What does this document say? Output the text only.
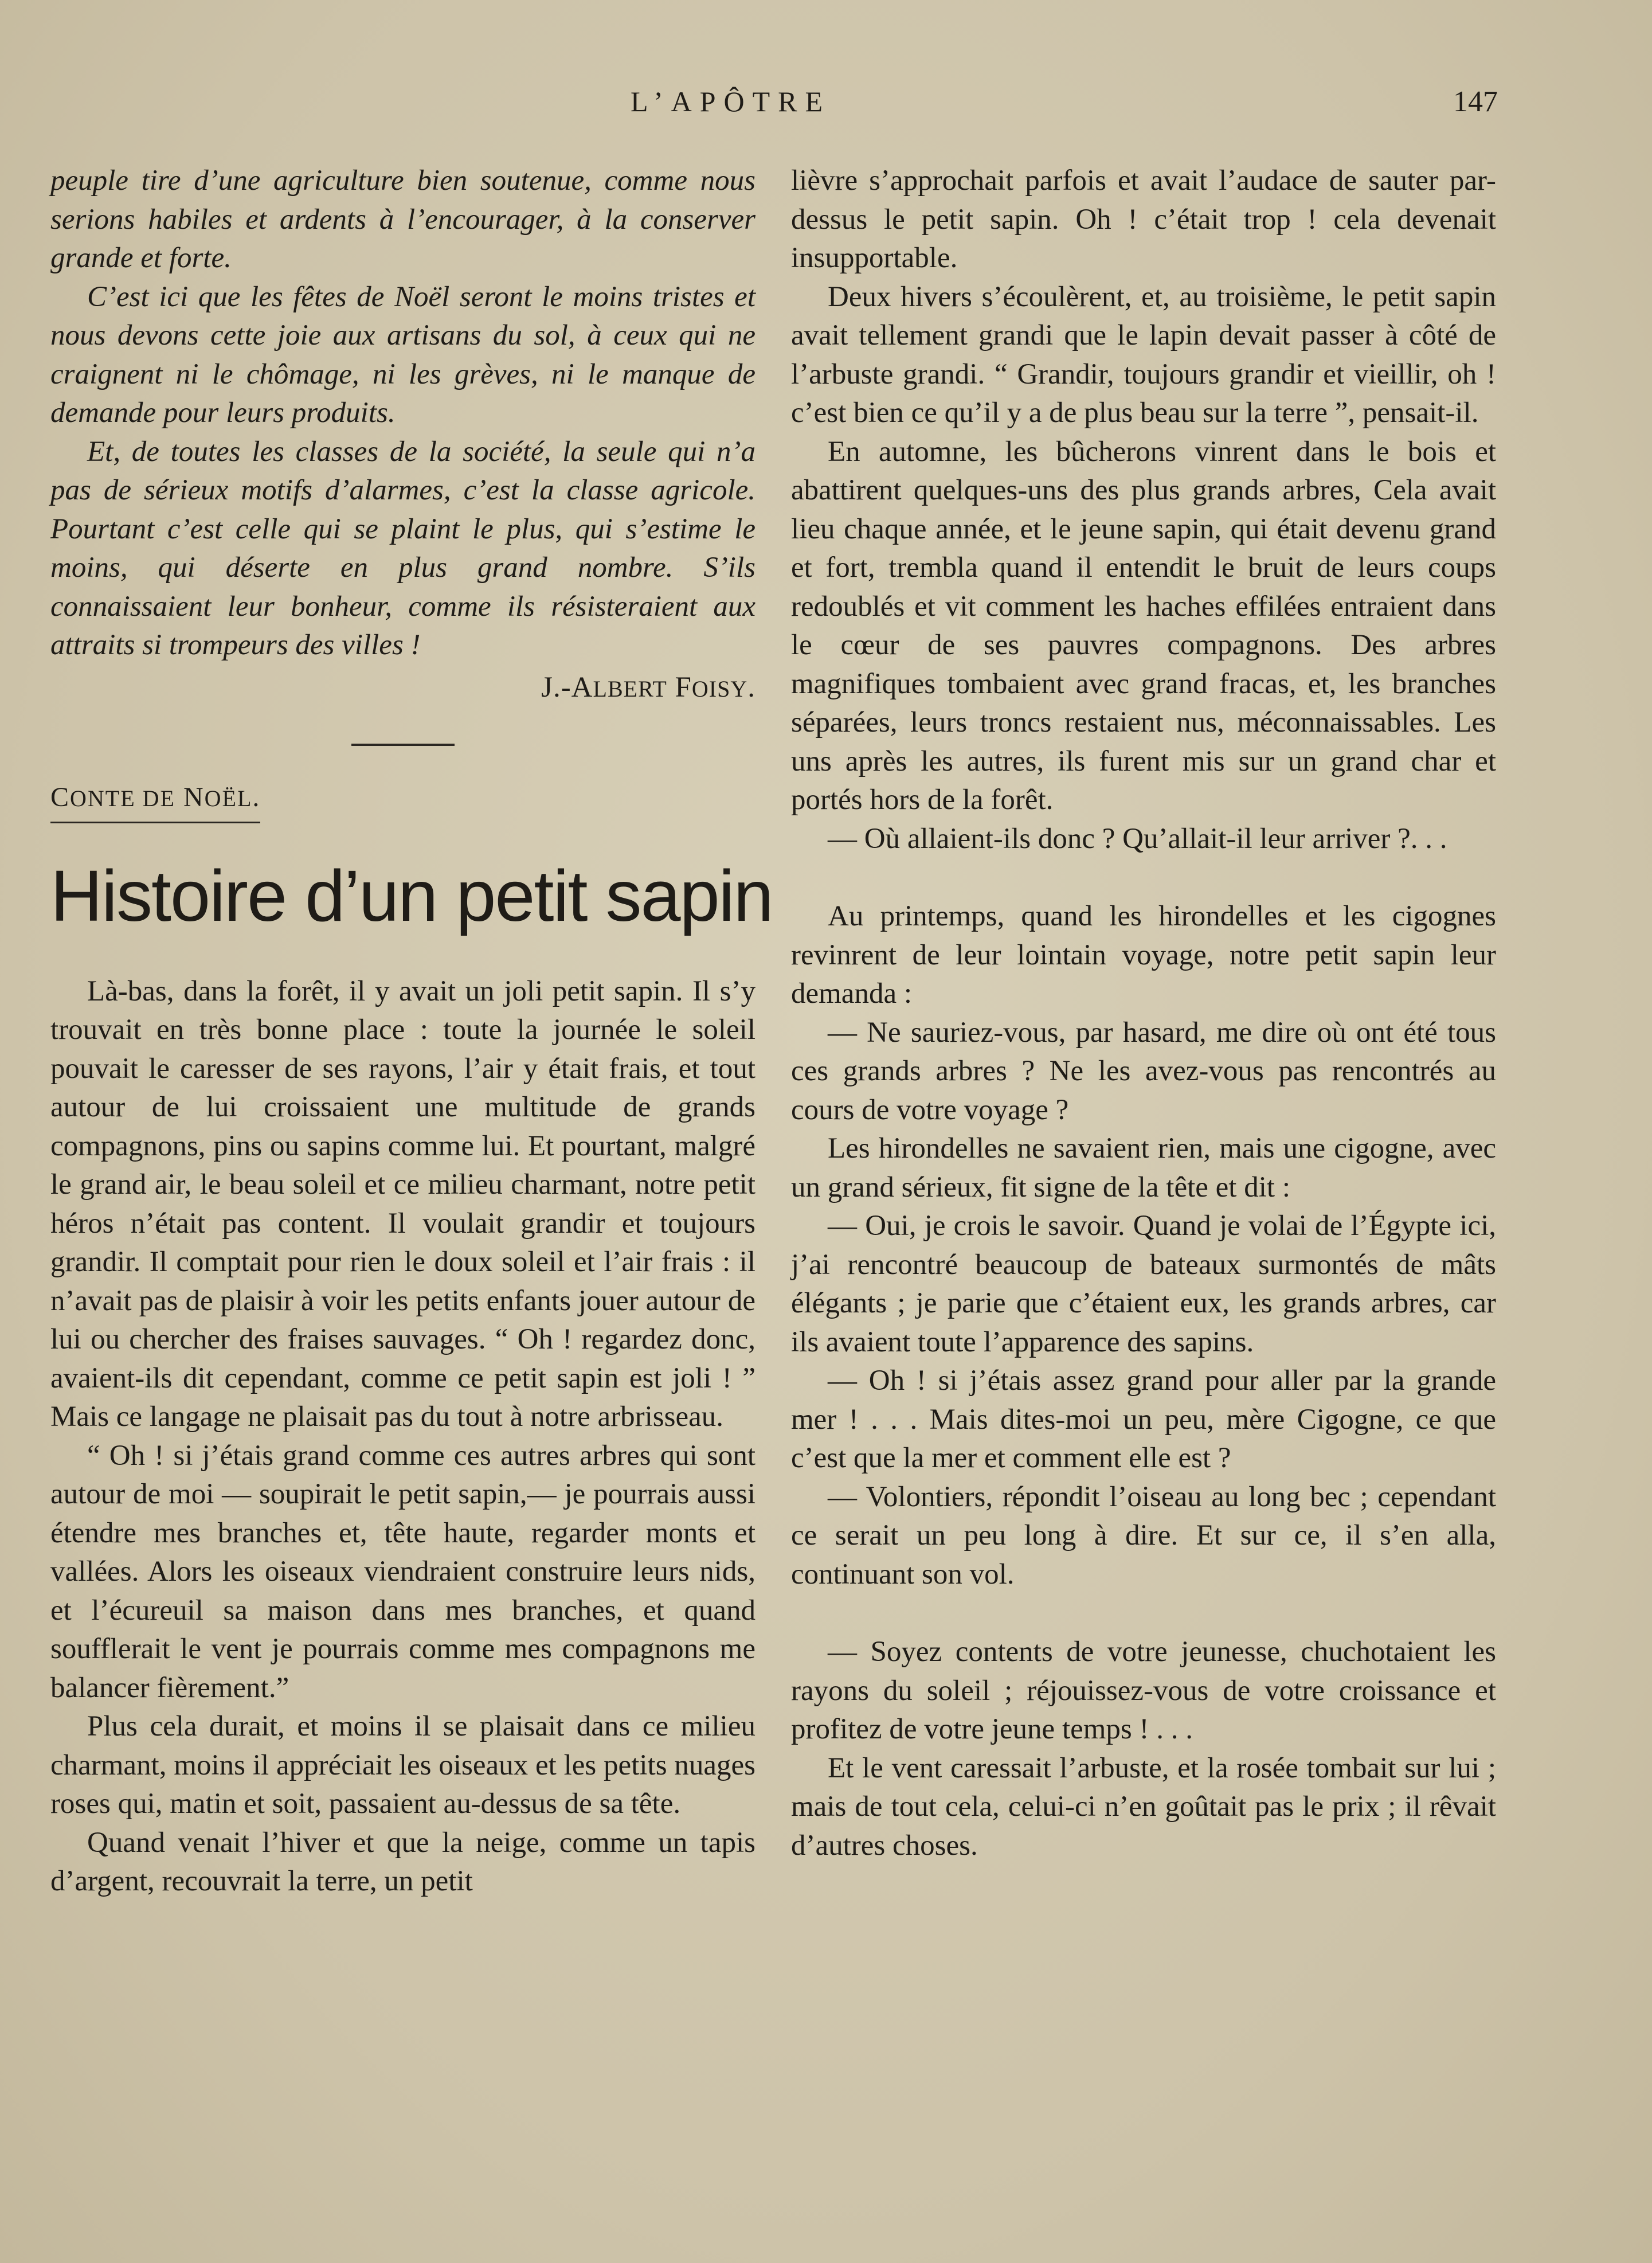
L’APÔTRE	147

peuple tire d’une agriculture bien soutenue, comme nous serions habiles et ardents à l’encourager, à la conserver grande et forte.

C’est ici que les fêtes de Noël seront le moins tristes et nous devons cette joie aux artisans du sol, à ceux qui ne craignent ni le chômage, ni les grèves, ni le manque de demande pour leurs produits.

Et, de toutes les classes de la société, la seule qui n’a pas de sérieux motifs d’alarmes, c’est la classe agricole. Pourtant c’est celle qui se plaint le plus, qui s’estime le moins, qui déserte en plus grand nombre. S’ils connaissaient leur bonheur, comme ils résisteraient aux attraits si trompeurs des villes !

J.-ALBERT FOISY.

CONTE DE NOËL.
Histoire d’un petit sapin

Là-bas, dans la forêt, il y avait un joli petit sapin. Il s’y trouvait en très bonne place : toute la journée le soleil pouvait le caresser de ses rayons, l’air y était frais, et tout autour de lui croissaient une multitude de grands compagnons, pins ou sapins comme lui. Et pourtant, malgré le grand air, le beau soleil et ce milieu charmant, notre petit héros n’était pas content. Il voulait grandir et toujours grandir. Il comptait pour rien le doux soleil et l’air frais : il n’avait pas de plaisir à voir les petits enfants jouer autour de lui ou chercher des fraises sauvages. “ Oh ! regardez donc, avaient-ils dit cependant, comme ce petit sapin est joli ! ” Mais ce langage ne plaisait pas du tout à notre arbrisseau.

“ Oh ! si j’étais grand comme ces autres arbres qui sont autour de moi — soupirait le petit sapin,— je pourrais aussi étendre mes branches et, tête haute, regarder monts et vallées. Alors les oiseaux viendraient construire leurs nids, et l’écureuil sa maison dans mes branches, et quand soufflerait le vent je pourrais comme mes compagnons me balancer fièrement.”

Plus cela durait, et moins il se plaisait dans ce milieu charmant, moins il appréciait les oiseaux et les petits nuages roses qui, matin et soit, passaient au-dessus de sa tête.

Quand venait l’hiver et que la neige, comme un tapis d’argent, recouvrait la terre, un petit

lièvre s’approchait parfois et avait l’audace de sauter par-dessus le petit sapin. Oh ! c’était trop ! cela devenait insupportable.

Deux hivers s’écoulèrent, et, au troisième, le petit sapin avait tellement grandi que le lapin devait passer à côté de l’arbuste grandi. “ Grandir, toujours grandir et vieillir, oh ! c’est bien ce qu’il y a de plus beau sur la terre ”, pensait-il.

En automne, les bûcherons vinrent dans le bois et abattirent quelques-uns des plus grands arbres, Cela avait lieu chaque année, et le jeune sapin, qui était devenu grand et fort, trembla quand il entendit le bruit de leurs coups redoublés et vit comment les haches effilées entraient dans le cœur de ses pauvres compagnons. Des arbres magnifiques tombaient avec grand fracas, et, les branches séparées, leurs troncs restaient nus, méconnaissables. Les uns après les autres, ils furent mis sur un grand char et portés hors de la forêt.

— Où allaient-ils donc ? Qu’allait-il leur arriver ?. . .

Au printemps, quand les hirondelles et les cigognes revinrent de leur lointain voyage, notre petit sapin leur demanda :

— Ne sauriez-vous, par hasard, me dire où ont été tous ces grands arbres ? Ne les avez-vous pas rencontrés au cours de votre voyage ?

Les hirondelles ne savaient rien, mais une cigogne, avec un grand sérieux, fit signe de la tête et dit :

— Oui, je crois le savoir. Quand je volai de l’Égypte ici, j’ai rencontré beaucoup de bateaux surmontés de mâts élégants ; je parie que c’étaient eux, les grands arbres, car ils avaient toute l’apparence des sapins.

— Oh ! si j’étais assez grand pour aller par la grande mer ! . . . Mais dites-moi un peu, mère Cigogne, ce que c’est que la mer et comment elle est ?

— Volontiers, répondit l’oiseau au long bec ; cependant ce serait un peu long à dire. Et sur ce, il s’en alla, continuant son vol.

— Soyez contents de votre jeunesse, chuchotaient les rayons du soleil ; réjouissez-vous de votre croissance et profitez de votre jeune temps ! . . .

Et le vent caressait l’arbuste, et la rosée tombait sur lui ; mais de tout cela, celui-ci n’en goûtait pas le prix ; il rêvait d’autres choses.
